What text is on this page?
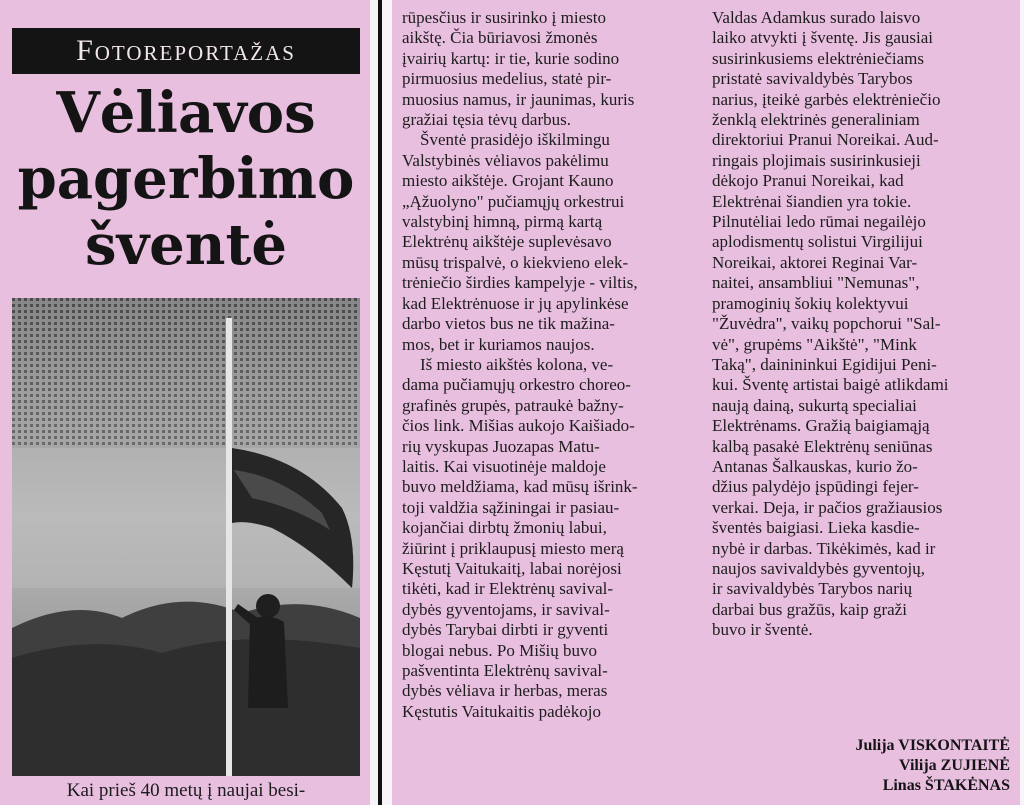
Fotoreportažas
Vėliavos
pagerbimo
šventė
Kai prieš 40 metų į naujai besi-
rūpesčius ir susirinko į miesto
aikštę. Čia būriavosi žmonės
įvairių kartų: ir tie, kurie sodino
pirmuosius medelius, statė pir-
muosius namus, ir jaunimas, kuris
gražiai tęsia tėvų darbus.
Šventė prasidėjo iškilmingu
Valstybinės vėliavos pakėlimu
miesto aikštėje. Grojant Kauno
„Ąžuolyno" pučiamųjų orkestrui
valstybinį himną, pirmą kartą
Elektrėnų aikštėje suplevėsavo
mūsų trispalvė, o kiekvieno elek-
trėniečio širdies kampelyje - viltis,
kad Elektrėnuose ir jų apylinkėse
darbo vietos bus ne tik mažina-
mos, bet ir kuriamos naujos.
Iš miesto aikštės kolona, ve-
dama pučiamųjų orkestro choreo-
grafinės grupės, patraukė bažny-
čios link. Mišias aukojo Kaišiado-
rių vyskupas Juozapas Matu-
laitis. Kai visuotinėje maldoje
buvo meldžiama, kad mūsų išrink-
toji valdžia sąžiningai ir pasiau-
kojančiai dirbtų žmonių labui,
žiūrint į priklaupusį miesto merą
Kęstutį Vaitukaitį, labai norėjosi
tikėti, kad ir Elektrėnų savival-
dybės gyventojams, ir savival-
dybės Tarybai dirbti ir gyventi
blogai nebus. Po Mišių buvo
pašventinta Elektrėnų savival-
dybės vėliava ir herbas, meras
Kęstutis Vaitukaitis padėkojo
Valdas Adamkus surado laisvo
laiko atvykti į šventę. Jis gausiai
susirinkusiems elektrėniečiams
pristatė savivaldybės Tarybos
narius, įteikė garbės elektrėniečio
ženklą elektrinės generaliniam
direktoriui Pranui Noreikai. Aud-
ringais plojimais susirinkusieji
dėkojo Pranui Noreikai, kad
Elektrėnai šiandien yra tokie.
Pilnutėliai ledo rūmai negailėjo
aplodismentų solistui Virgilijui
Noreikai, aktorei Reginai Var-
naitei, ansambliui "Nemunas",
pramoginių šokių kolektyvui
"Žuvėdra", vaikų popchorui "Sal-
vė", grupėms "Aikštė", "Mink
Taką", dainininkui Egidijui Peni-
kui. Šventę artistai baigė atlikdami
naują dainą, sukurtą specialiai
Elektrėnams. Gražią baigiamąją
kalbą pasakė Elektrėnų seniūnas
Antanas Šalkauskas, kurio žo-
džius palydėjo įspūdingi fejer-
verkai. Deja, ir pačios gražiausios
šventės baigiasi. Lieka kasdie-
nybė ir darbas. Tikėkimės, kad ir
naujos savivaldybės gyventojų,
ir savivaldybės Tarybos narių
darbai bus gražūs, kaip graži
buvo ir šventė.
Julija VISKONTAITĖ
Vilija ZUJIENĖ
Linas ŠTAKĖNAS
